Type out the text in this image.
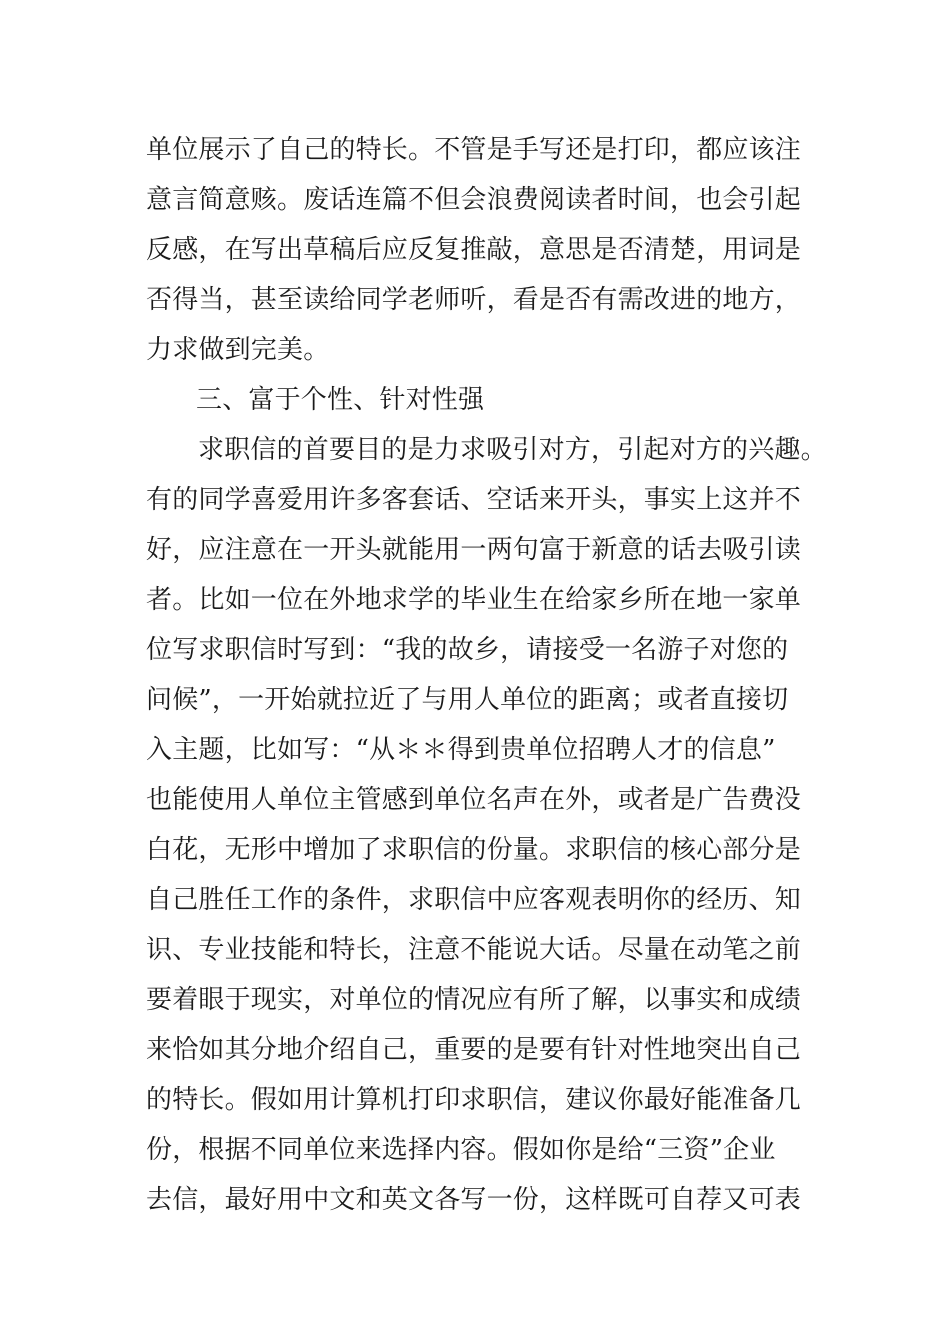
单位展示了自己的特长。不管是手写还是打印，都应该注
意言简意赅。废话连篇不但会浪费阅读者时间，也会引起
反感，在写出草稿后应反复推敲，意思是否清楚，用词是
否得当，甚至读给同学老师听，看是否有需改进的地方，
力求做到完美。
三、富于个性、针对性强
求职信的首要目的是力求吸引对方，引起对方的兴趣。
有的同学喜爱用许多客套话、空话来开头，事实上这并不
好，应注意在一开头就能用一两句富于新意的话去吸引读
者。比如一位在外地求学的毕业生在给家乡所在地一家单
位写求职信时写到：“我的故乡，请接受一名游子对您的
问候”，一开始就拉近了与用人单位的距离；或者直接切
入主题，比如写：“从＊＊得到贵单位招聘人才的信息”
也能使用人单位主管感到单位名声在外，或者是广告费没
白花，无形中增加了求职信的份量。求职信的核心部分是
自己胜任工作的条件，求职信中应客观表明你的经历、知
识、专业技能和特长，注意不能说大话。尽量在动笔之前
要着眼于现实，对单位的情况应有所了解，以事实和成绩
来恰如其分地介绍自己，重要的是要有针对性地突出自己
的特长。假如用计算机打印求职信，建议你最好能准备几
份，根据不同单位来选择内容。假如你是给“三资”企业
去信，最好用中文和英文各写一份，这样既可自荐又可表
